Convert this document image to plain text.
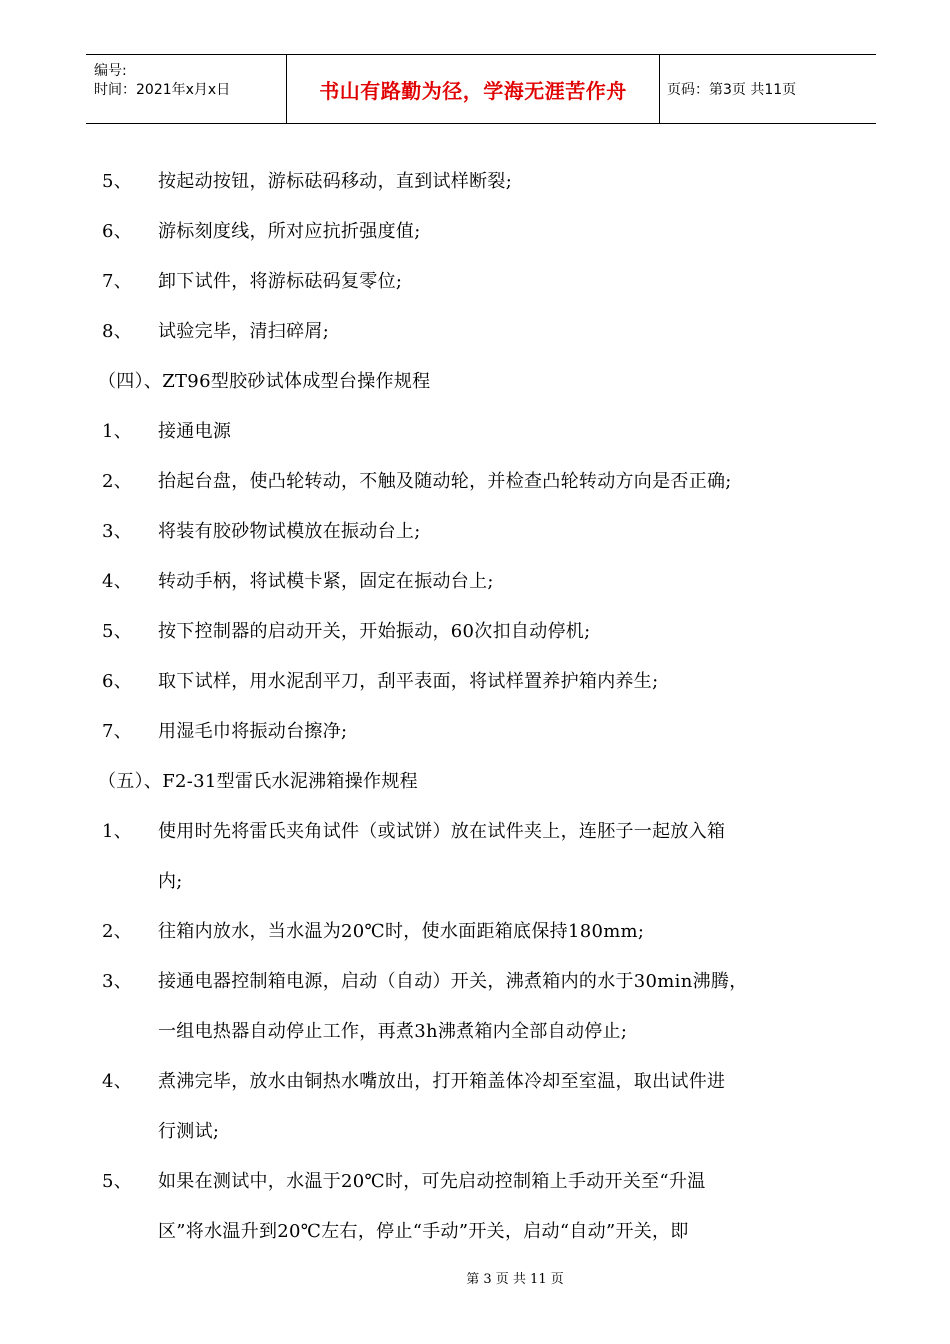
编号:
时间：2021年x月x日	书山有路勤为径，学海无涯苦作舟	页码：第3页 共11页
5、 按起动按钮，游标砝码移动，直到试样断裂;
6、 游标刻度线，所对应抗折强度值;
7、 卸下试件，将游标砝码复零位;
8、 试验完毕，清扫碎屑;
（四）、ZT96型胶砂试体成型台操作规程
1、 接通电源
2、 抬起台盘，使凸轮转动，不触及随动轮，并检查凸轮转动方向是否正确;
3、 将装有胶砂物试模放在振动台上;
4、 转动手柄，将试模卡紧，固定在振动台上;
5、 按下控制器的启动开关，开始振动，60次扣自动停机;
6、 取下试样，用水泥刮平刀，刮平表面，将试样置养护箱内养生;
7、 用湿毛巾将振动台擦净;
（五）、F2-31型雷氏水泥沸箱操作规程
1、 使用时先将雷氏夹角试件（或试饼）放在试件夹上，连胚子一起放入箱
内;
2、 往箱内放水，当水温为20℃时，使水面距箱底保持180mm;
3、 接通电器控制箱电源，启动（自动）开关，沸煮箱内的水于30min沸腾，
一组电热器自动停止工作，再煮3h沸煮箱内全部自动停止;
4、 煮沸完毕，放水由铜热水嘴放出，打开箱盖体冷却至室温，取出试件进
行测试;
5、 如果在测试中，水温于20℃时，可先启动控制箱上手动开关至“升温
区”将水温升到20℃左右，停止“手动”开关，启动“自动”开关，即
第 3 页 共 11 页
